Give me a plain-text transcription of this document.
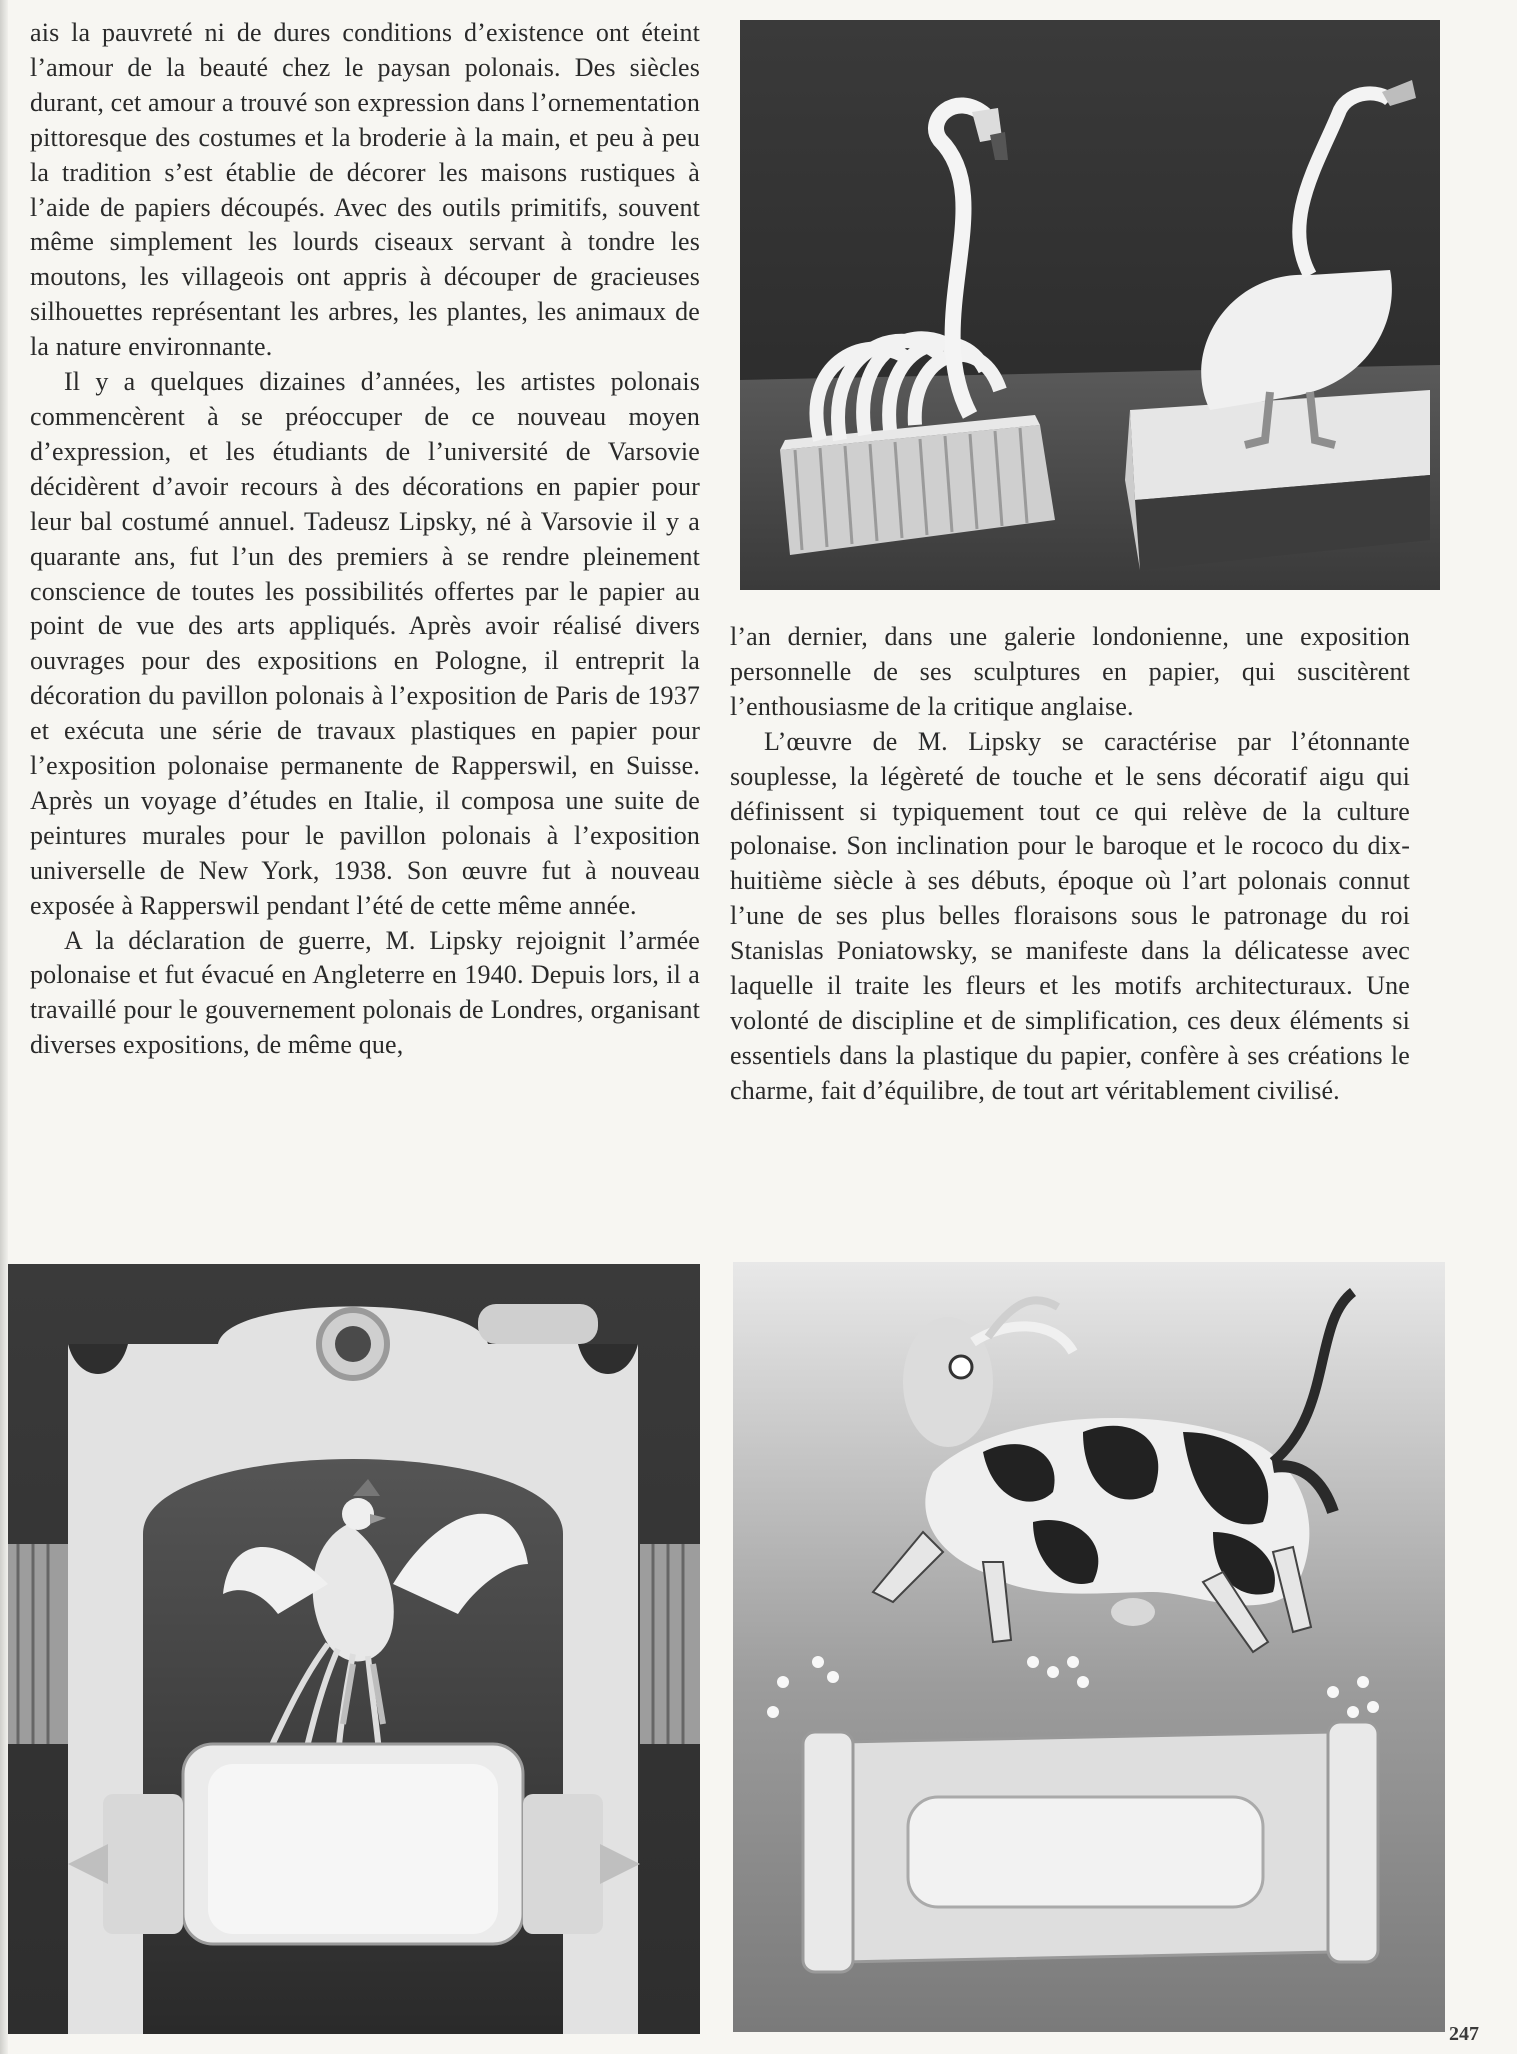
ais la pauvreté ni de dures conditions d’existence ont éteint l’amour de la beauté chez le paysan polonais. Des siècles durant, cet amour a trouvé son expression dans l’ornementation pittoresque des costumes et la broderie à la main, et peu à peu la tradition s’est établie de décorer les maisons rustiques à l’aide de papiers découpés. Avec des outils primitifs, souvent même simplement les lourds ciseaux servant à tondre les moutons, les villageois ont appris à découper de gracieuses silhouettes représentant les arbres, les plantes, les animaux de la nature environnante.

Il y a quelques dizaines d’années, les artistes polonais commencèrent à se préoccuper de ce nouveau moyen d’expression, et les étudiants de l’université de Varsovie décidèrent d’avoir recours à des décorations en papier pour leur bal costumé annuel. Tadeusz Lipsky, né à Varsovie il y a quarante ans, fut l’un des premiers à se rendre pleinement conscience de toutes les possibilités offertes par le papier au point de vue des arts appliqués. Après avoir réalisé divers ouvrages pour des expositions en Pologne, il entreprit la décoration du pavillon polonais à l’exposition de Paris de 1937 et exécuta une série de travaux plastiques en papier pour l’exposition polonaise permanente de Rapperswil, en Suisse. Après un voyage d’études en Italie, il composa une suite de peintures murales pour le pavillon polonais à l’exposition universelle de New York, 1938. Son œuvre fut à nouveau exposée à Rapperswil pendant l’été de cette même année.

A la déclaration de guerre, M. Lipsky rejoignit l’armée polonaise et fut évacué en Angleterre en 1940. Depuis lors, il a travaillé pour le gouvernement polonais de Londres, organisant diverses expositions, de même que,

l’an dernier, dans une galerie londonienne, une exposition personnelle de ses sculptures en papier, qui suscitèrent l’enthousiasme de la critique anglaise.

L’œuvre de M. Lipsky se caractérise par l’étonnante souplesse, la légèreté de touche et le sens décoratif aigu qui définissent si typiquement tout ce qui relève de la culture polonaise. Son inclination pour le baroque et le rococo du dix-huitième siècle à ses débuts, époque où l’art polonais connut l’une de ses plus belles floraisons sous le patronage du roi Stanislas Poniatowsky, se manifeste dans la délicatesse avec laquelle il traite les fleurs et les motifs architecturaux. Une volonté de discipline et de simplification, ces deux éléments si essentiels dans la plastique du papier, confère à ses créations le charme, fait d’équilibre, de tout art véritablement civilisé.

247
